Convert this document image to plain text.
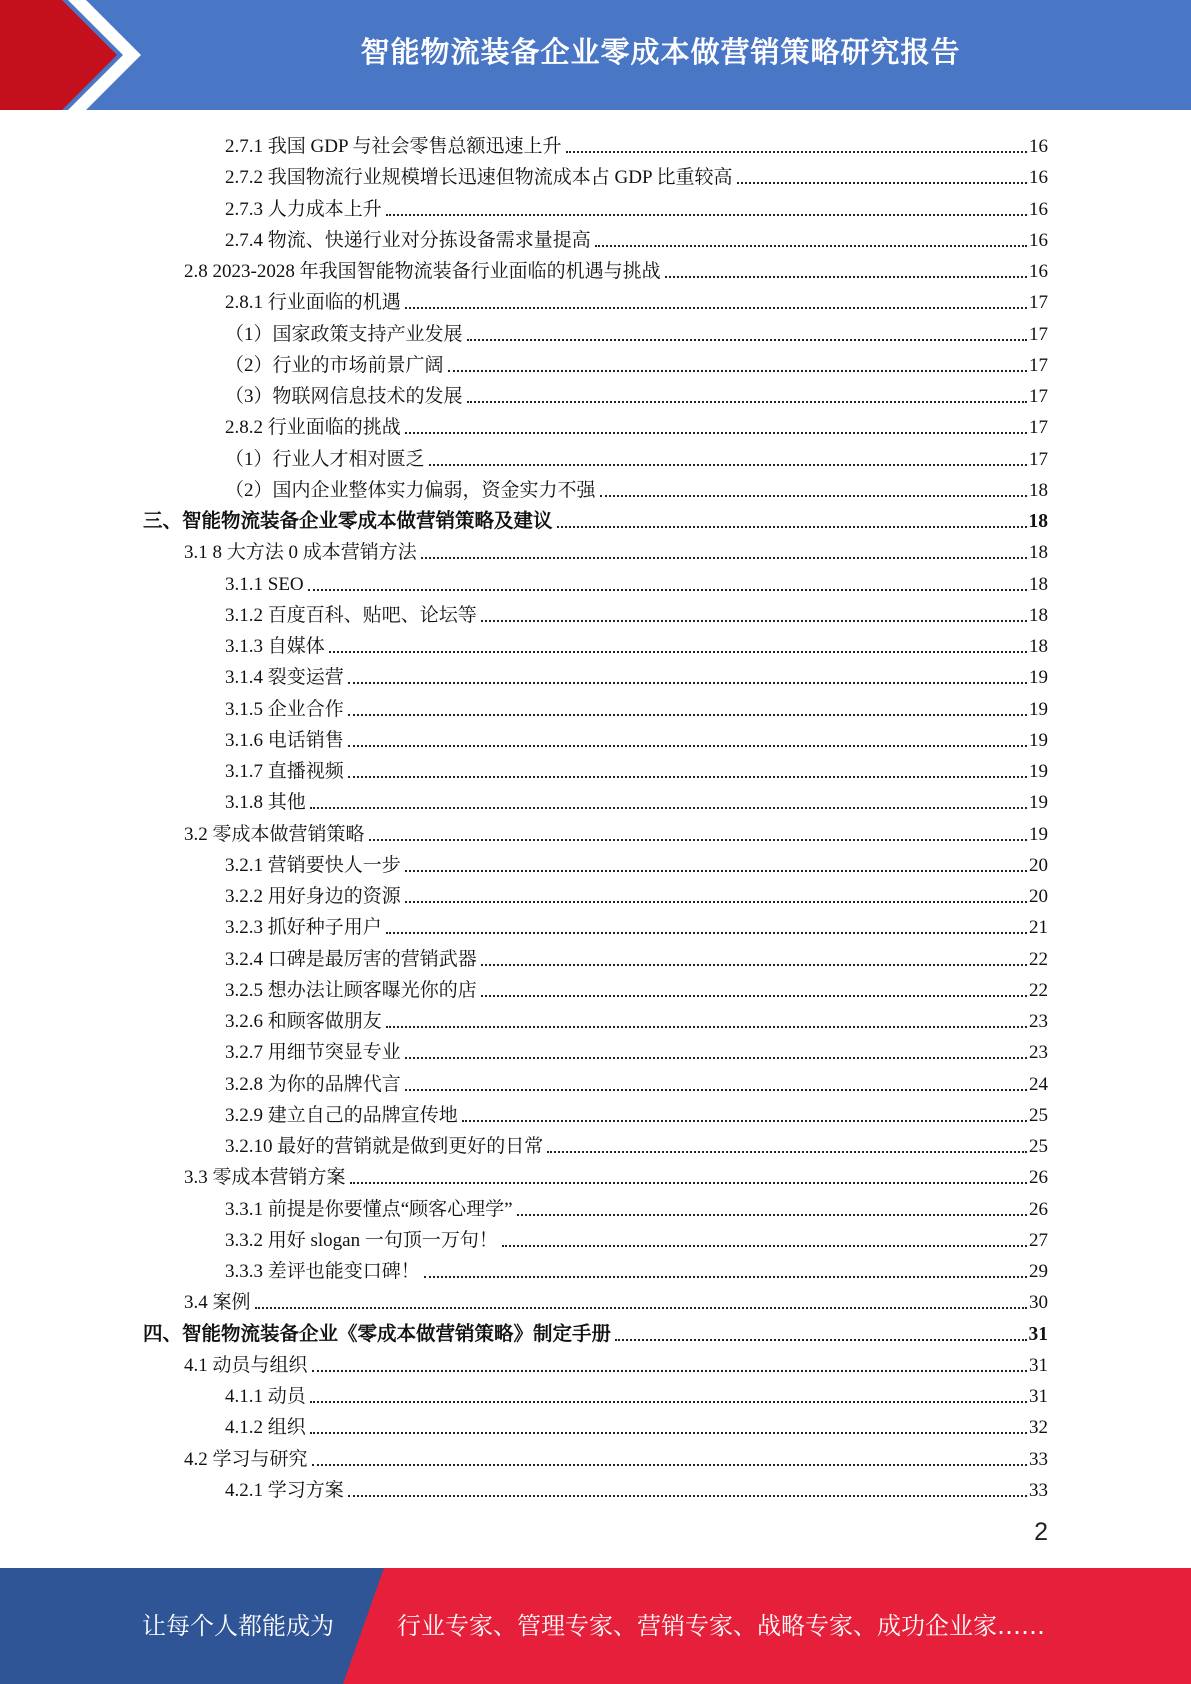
智能物流装备企业零成本做营销策略研究报告
2.7.1 我国 GDP 与社会零售总额迅速上升	16
2.7.2 我国物流行业规模增长迅速但物流成本占 GDP 比重较高	16
2.7.3 人力成本上升	16
2.7.4 物流、快递行业对分拣设备需求量提高	16
2.8 2023-2028 年我国智能物流装备行业面临的机遇与挑战	16
2.8.1 行业面临的机遇	17
（1）国家政策支持产业发展	17
（2）行业的市场前景广阔	17
（3）物联网信息技术的发展	17
2.8.2 行业面临的挑战	17
（1）行业人才相对匮乏	17
（2）国内企业整体实力偏弱，资金实力不强	18
三、智能物流装备企业零成本做营销策略及建议	18
3.1 8 大方法 0 成本营销方法	18
3.1.1 SEO	18
3.1.2 百度百科、贴吧、论坛等	18
3.1.3 自媒体	18
3.1.4 裂变运营	19
3.1.5 企业合作	19
3.1.6 电话销售	19
3.1.7 直播视频	19
3.1.8 其他	19
3.2 零成本做营销策略	19
3.2.1 营销要快人一步	20
3.2.2 用好身边的资源	20
3.2.3 抓好种子用户	21
3.2.4 口碑是最厉害的营销武器	22
3.2.5 想办法让顾客曝光你的店	22
3.2.6 和顾客做朋友	23
3.2.7 用细节突显专业	23
3.2.8 为你的品牌代言	24
3.2.9 建立自己的品牌宣传地	25
3.2.10 最好的营销就是做到更好的日常	25
3.3 零成本营销方案	26
3.3.1 前提是你要懂点“顾客心理学”	26
3.3.2 用好 slogan 一句顶一万句！	27
3.3.3 差评也能变口碑！	29
3.4 案例	30
四、智能物流装备企业《零成本做营销策略》制定手册	31
4.1 动员与组织	31
4.1.1 动员	31
4.1.2 组织	32
4.2 学习与研究	33
4.2.1 学习方案	33
2
让每个人都能成为	行业专家、管理专家、营销专家、战略专家、成功企业家……
